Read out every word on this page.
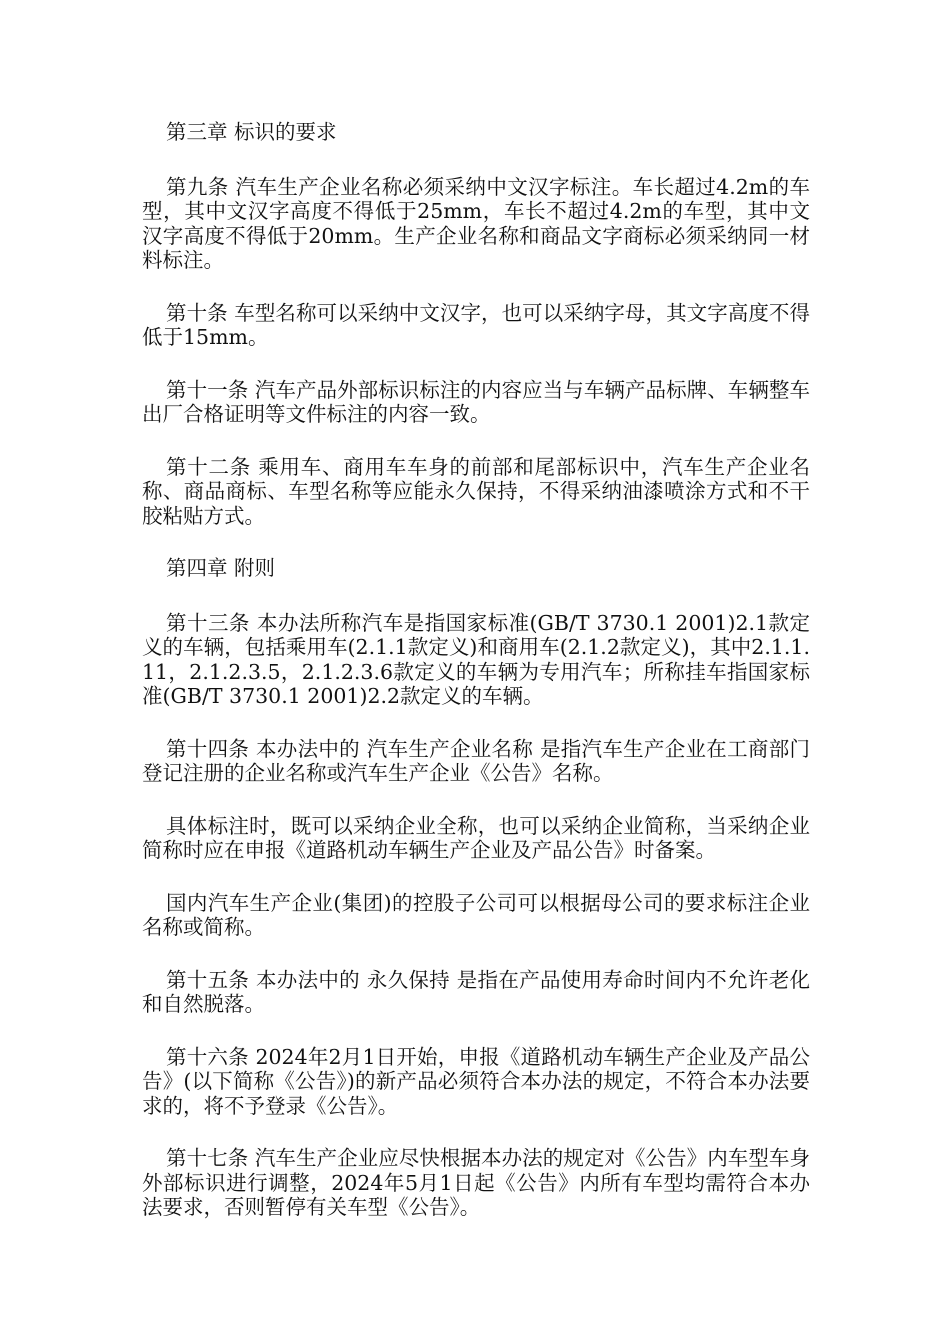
第三章 标识的要求

第九条 汽车生产企业名称必须采纳中文汉字标注。车长超过4.2m的车型，其中文汉字高度不得低于25mm，车长不超过4.2m的车型，其中文汉字高度不得低于20mm。生产企业名称和商品文字商标必须采纳同一材料标注。

第十条 车型名称可以采纳中文汉字，也可以采纳字母，其文字高度不得低于15mm。

第十一条 汽车产品外部标识标注的内容应当与车辆产品标牌、车辆整车出厂合格证明等文件标注的内容一致。

第十二条 乘用车、商用车车身的前部和尾部标识中，汽车生产企业名称、商品商标、车型名称等应能永久保持，不得采纳油漆喷涂方式和不干胶粘贴方式。

第四章 附则

第十三条 本办法所称汽车是指国家标准(GB/T 3730.1 2001)2.1款定义的车辆，包括乘用车(2.1.1款定义)和商用车(2.1.2款定义)，其中2.1.1.11，2.1.2.3.5，2.1.2.3.6款定义的车辆为专用汽车；所称挂车指国家标准(GB/T 3730.1 2001)2.2款定义的车辆。

第十四条 本办法中的 汽车生产企业名称 是指汽车生产企业在工商部门登记注册的企业名称或汽车生产企业《公告》名称。

具体标注时，既可以采纳企业全称，也可以采纳企业简称，当采纳企业简称时应在申报《道路机动车辆生产企业及产品公告》时备案。

国内汽车生产企业(集团)的控股子公司可以根据母公司的要求标注企业名称或简称。

第十五条 本办法中的 永久保持 是指在产品使用寿命时间内不允许老化和自然脱落。

第十六条 2024年2月1日开始，申报《道路机动车辆生产企业及产品公告》(以下简称《公告》)的新产品必须符合本办法的规定，不符合本办法要求的，将不予登录《公告》。

第十七条 汽车生产企业应尽快根据本办法的规定对《公告》内车型车身外部标识进行调整，2024年5月1日起《公告》内所有车型均需符合本办法要求，否则暂停有关车型《公告》。
